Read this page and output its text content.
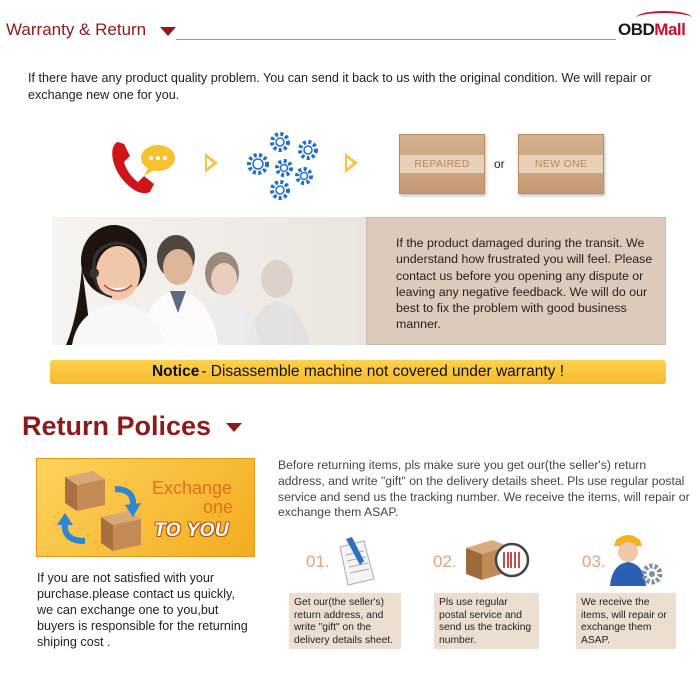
Warranty & Return	OBDMall
If there have any product quality problem. You can send it back to us with the original condition. We will repair or exchange new one for you.
REPAIRED	or	NEW ONE
If the product damaged during the transit. We understand how frustrated you will feel. Please contact us before you opening any dispute or leaving any negative feedback. We will do our best to fix the problem with good business manner.
Notice - Disassemble machine not covered under warranty !
Return Polices
Exchange
one
TO YOU
Before returning items, pls make sure you get our(the seller's) return address, and write "gift" on the delivery details sheet. Pls use regular postal service and send us the tracking number. We receive the items, will repair or exchange them ASAP.
If you are not satisfied with your purchase.please contact us quickly, we can exchange one to you,but buyers is responsible for the returning shiping cost .
01.
Get our(the seller's) return address, and write "gift" on the delivery details sheet.
02.
Pls use regular postal service and send us the tracking number.
03.
We receive the items, will repair or exchange them ASAP.
